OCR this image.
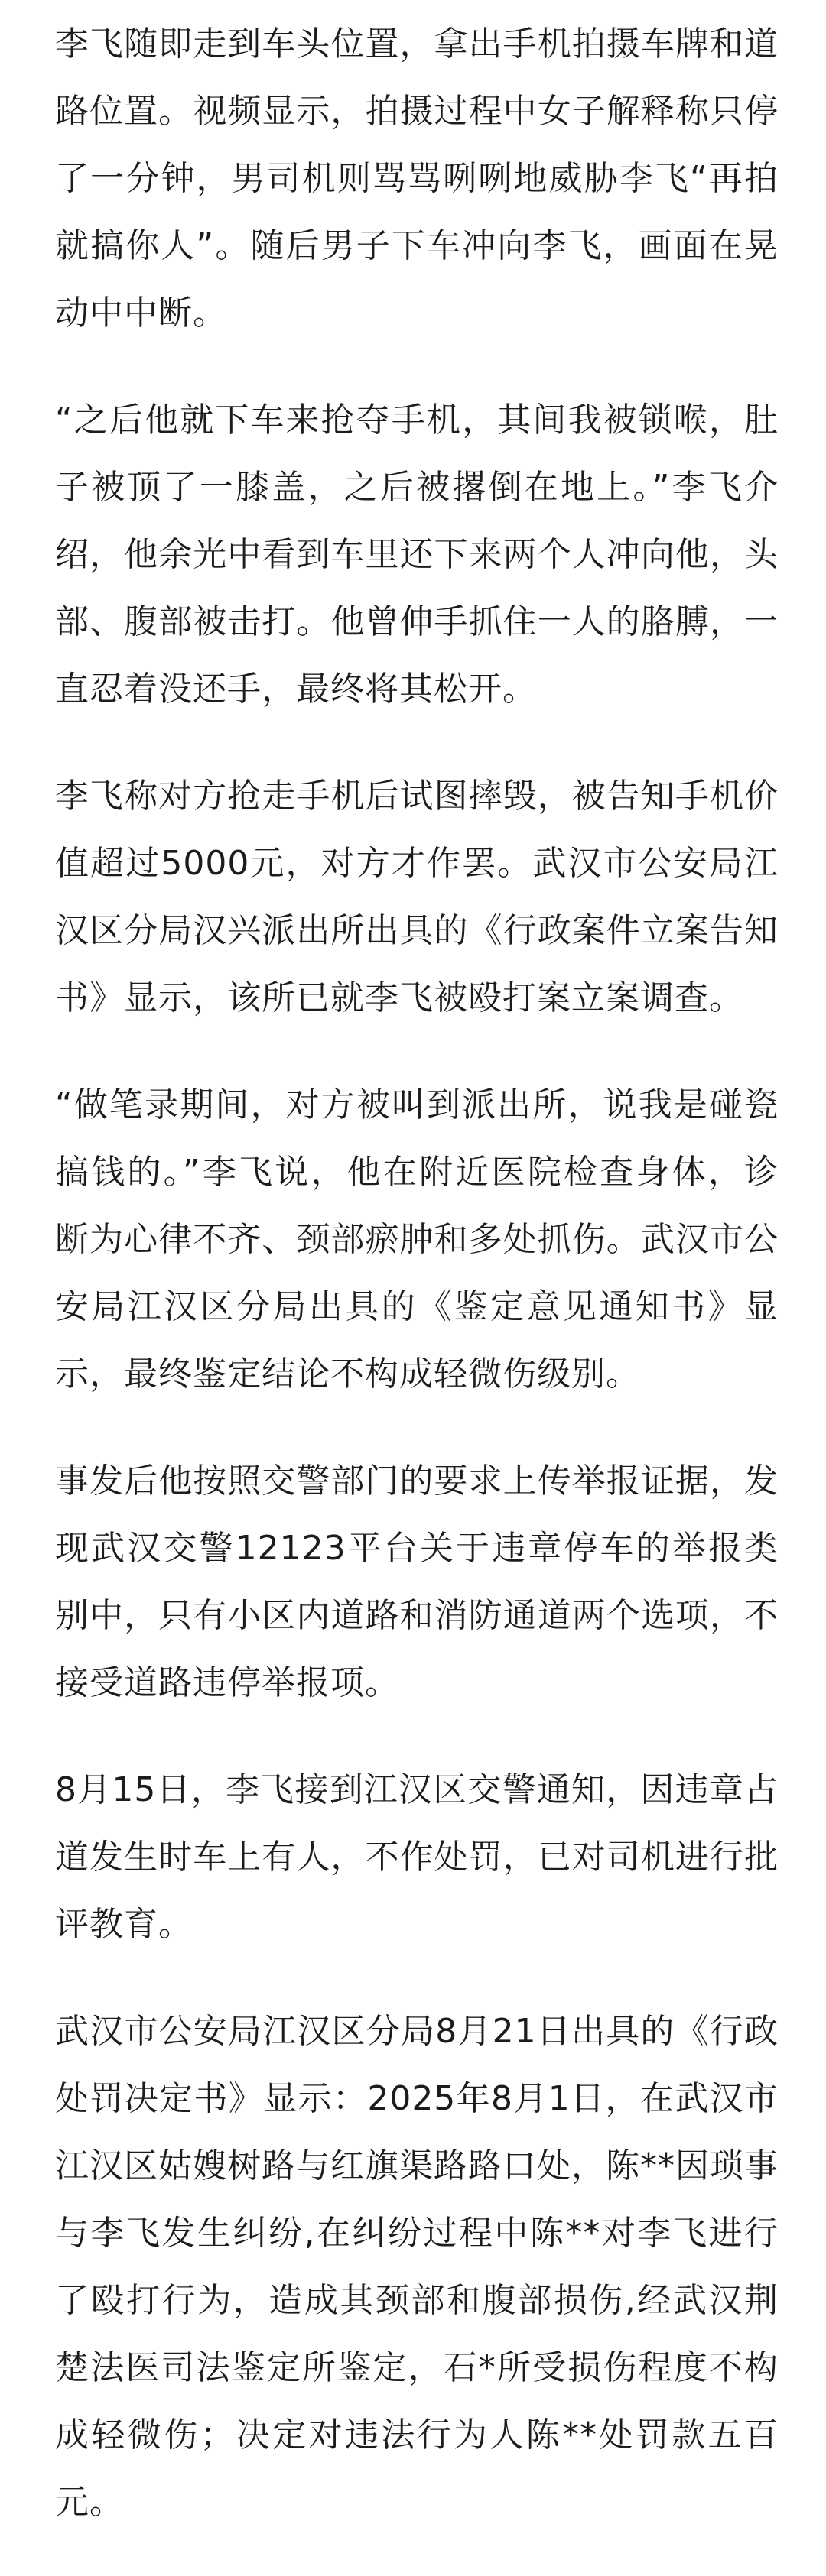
李飞随即走到车头位置，拿出手机拍摄车牌和道路位置。视频显示，拍摄过程中女子解释称只停了一分钟，男司机则骂骂咧咧地威胁李飞“再拍就搞你人”。随后男子下车冲向李飞，画面在晃动中中断。

“之后他就下车来抢夺手机，其间我被锁喉，肚子被顶了一膝盖，之后被撂倒在地上。”李飞介绍，他余光中看到车里还下来两个人冲向他，头部、腹部被击打。他曾伸手抓住一人的胳膊，一直忍着没还手，最终将其松开。

李飞称对方抢走手机后试图摔毁，被告知手机价值超过5000元，对方才作罢。武汉市公安局江汉区分局汉兴派出所出具的《行政案件立案告知书》显示，该所已就李飞被殴打案立案调查。

“做笔录期间，对方被叫到派出所，说我是碰瓷搞钱的。”李飞说，他在附近医院检查身体，诊断为心律不齐、颈部瘀肿和多处抓伤。武汉市公安局江汉区分局出具的《鉴定意见通知书》显示，最终鉴定结论不构成轻微伤级别。

事发后他按照交警部门的要求上传举报证据，发现武汉交警12123平台关于违章停车的举报类别中，只有小区内道路和消防通道两个选项，不接受道路违停举报项。

8月15日，李飞接到江汉区交警通知，因违章占道发生时车上有人，不作处罚，已对司机进行批评教育。

武汉市公安局江汉区分局8月21日出具的《行政处罚决定书》显示：2025年8月1日，在武汉市江汉区姑嫂树路与红旗渠路路口处，陈**因琐事与李飞发生纠纷,在纠纷过程中陈**对李飞进行了殴打行为，造成其颈部和腹部损伤,经武汉荆楚法医司法鉴定所鉴定，石*所受损伤程度不构成轻微伤；决定对违法行为人陈**处罚款五百元。
